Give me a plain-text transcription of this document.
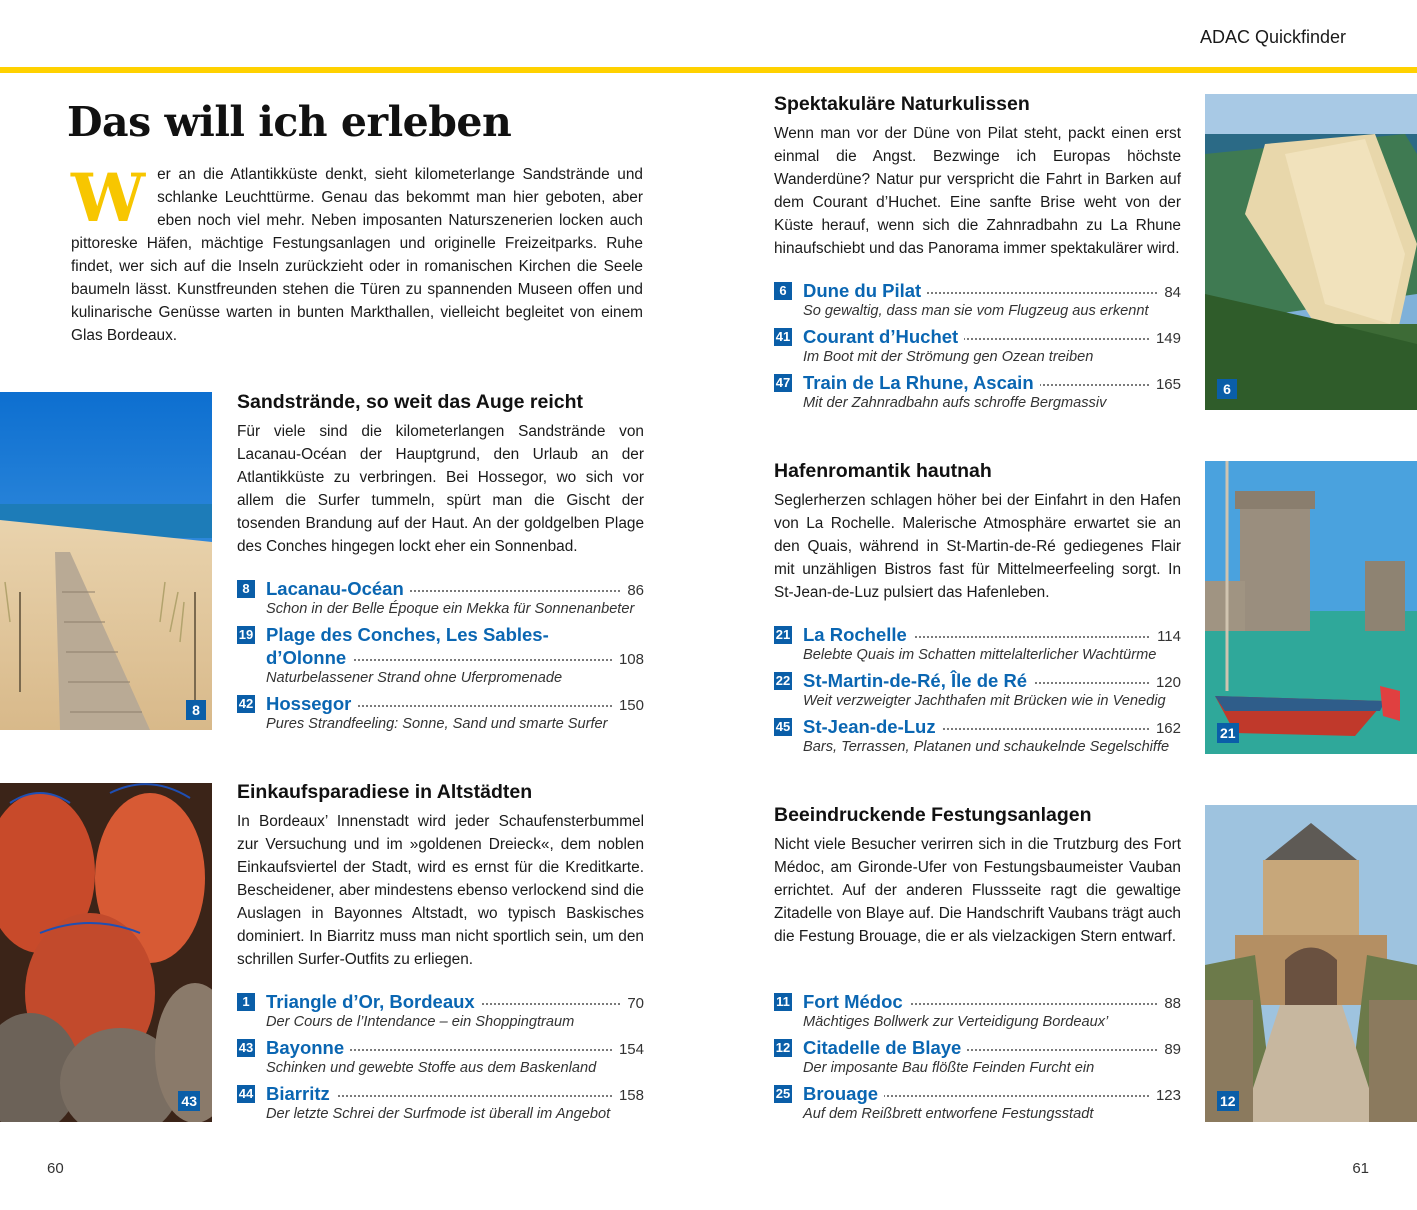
ADAC Quickfinder
Das will ich erleben
W er an die Atlantikküste denkt, sieht kilometerlange Sandstrände und schlanke Leuchttürme. Genau das bekommt man hier geboten, aber eben noch viel mehr. Neben imposanten Naturszenerien locken auch pittoreske Häfen, mächtige Festungsanlagen und originelle Freizeitparks. Ruhe findet, wer sich auf die Inseln zurückzieht oder in romanischen Kirchen die Seele baumeln lässt. Kunstfreunden stehen die Türen zu spannenden Museen offen und kulinarische Genüsse warten in bunten Markthallen, vielleicht begleitet von einem Glas Bordeaux.
8
43
6
21
12
Sandstrände, so weit das Auge reicht

Für viele sind die kilometerlangen Sandstrände von Lacanau-Océan der Hauptgrund, den Urlaub an der Atlantikküste zu verbringen. Bei Hossegor, wo sich vor allem die Surfer tummeln, spürt man die Gischt der tosenden Brandung auf der Haut. An der goldgelben Plage des Conches hingegen lockt eher ein Sonnenbad.

8 Lacanau-Océan	86
Schon in der Belle Époque ein Mekka für Sonnenanbeter
19 Plage des Conches, Les Sables-
d’Olonne	108
Naturbelassener Strand ohne Uferpromenade
42 Hossegor	150
Pures Strandfeeling: Sonne, Sand und smarte Surfer
Einkaufsparadiese in Altstädten

In Bordeaux’ Innenstadt wird jeder Schaufensterbummel zur Versuchung und im »goldenen Dreieck«, dem noblen Einkaufsviertel der Stadt, wird es ernst für die Kreditkarte. Bescheidener, aber mindestens ebenso verlockend sind die Auslagen in Bayonnes Altstadt, wo typisch Baskisches dominiert. In Biarritz muss man nicht sportlich sein, um den schrillen Surfer-Outfits zu erliegen.

1 Triangle d’Or, Bordeaux	70
Der Cours de l’Intendance – ein Shoppingtraum
43 Bayonne	154
Schinken und gewebte Stoffe aus dem Baskenland
44 Biarritz	158
Der letzte Schrei der Surfmode ist überall im Angebot
Spektakuläre Naturkulissen

Wenn man vor der Düne von Pilat steht, packt einen erst einmal die Angst. Bezwinge ich Europas höchste Wanderdüne? Natur pur verspricht die Fahrt in Barken auf dem Courant d’Huchet. Eine sanfte Brise weht von der Küste herauf, wenn sich die Zahnradbahn zu La Rhune hinaufschiebt und das Panorama immer spektakulärer wird.

6 Dune du Pilat	84
So gewaltig, dass man sie vom Flugzeug aus erkennt
41 Courant d’Huchet	149
Im Boot mit der Strömung gen Ozean treiben
47 Train de La Rhune, Ascain	165
Mit der Zahnradbahn aufs schroffe Bergmassiv
Hafenromantik hautnah

Seglerherzen schlagen höher bei der Einfahrt in den Hafen von La Rochelle. Malerische Atmosphäre erwartet sie an den Quais, während in St-Martin-de-Ré gediegenes Flair mit unzähligen Bistros fast für Mittelmeerfeeling sorgt. In St-Jean-de-Luz pulsiert das Hafenleben.

21 La Rochelle	114
Belebte Quais im Schatten mittelalterlicher Wachtürme
22 St-Martin-de-Ré, Île de Ré	120
Weit verzweigter Jachthafen mit Brücken wie in Venedig
45 St-Jean-de-Luz	162
Bars, Terrassen, Platanen und schaukelnde Segelschiffe
Beeindruckende Festungsanlagen

Nicht viele Besucher verirren sich in die Trutzburg des Fort Médoc, am Gironde-Ufer von Festungsbaumeister Vauban errichtet. Auf der anderen Flussseite ragt die gewaltige Zitadelle von Blaye auf. Die Handschrift Vaubans trägt auch die Festung Brouage, die er als vielzackigen Stern entwarf.

11 Fort Médoc	88
Mächtiges Bollwerk zur Verteidigung Bordeaux’
12 Citadelle de Blaye	89
Der imposante Bau flößte Feinden Furcht ein
25 Brouage	123
Auf dem Reißbrett entworfene Festungsstadt
60	61
